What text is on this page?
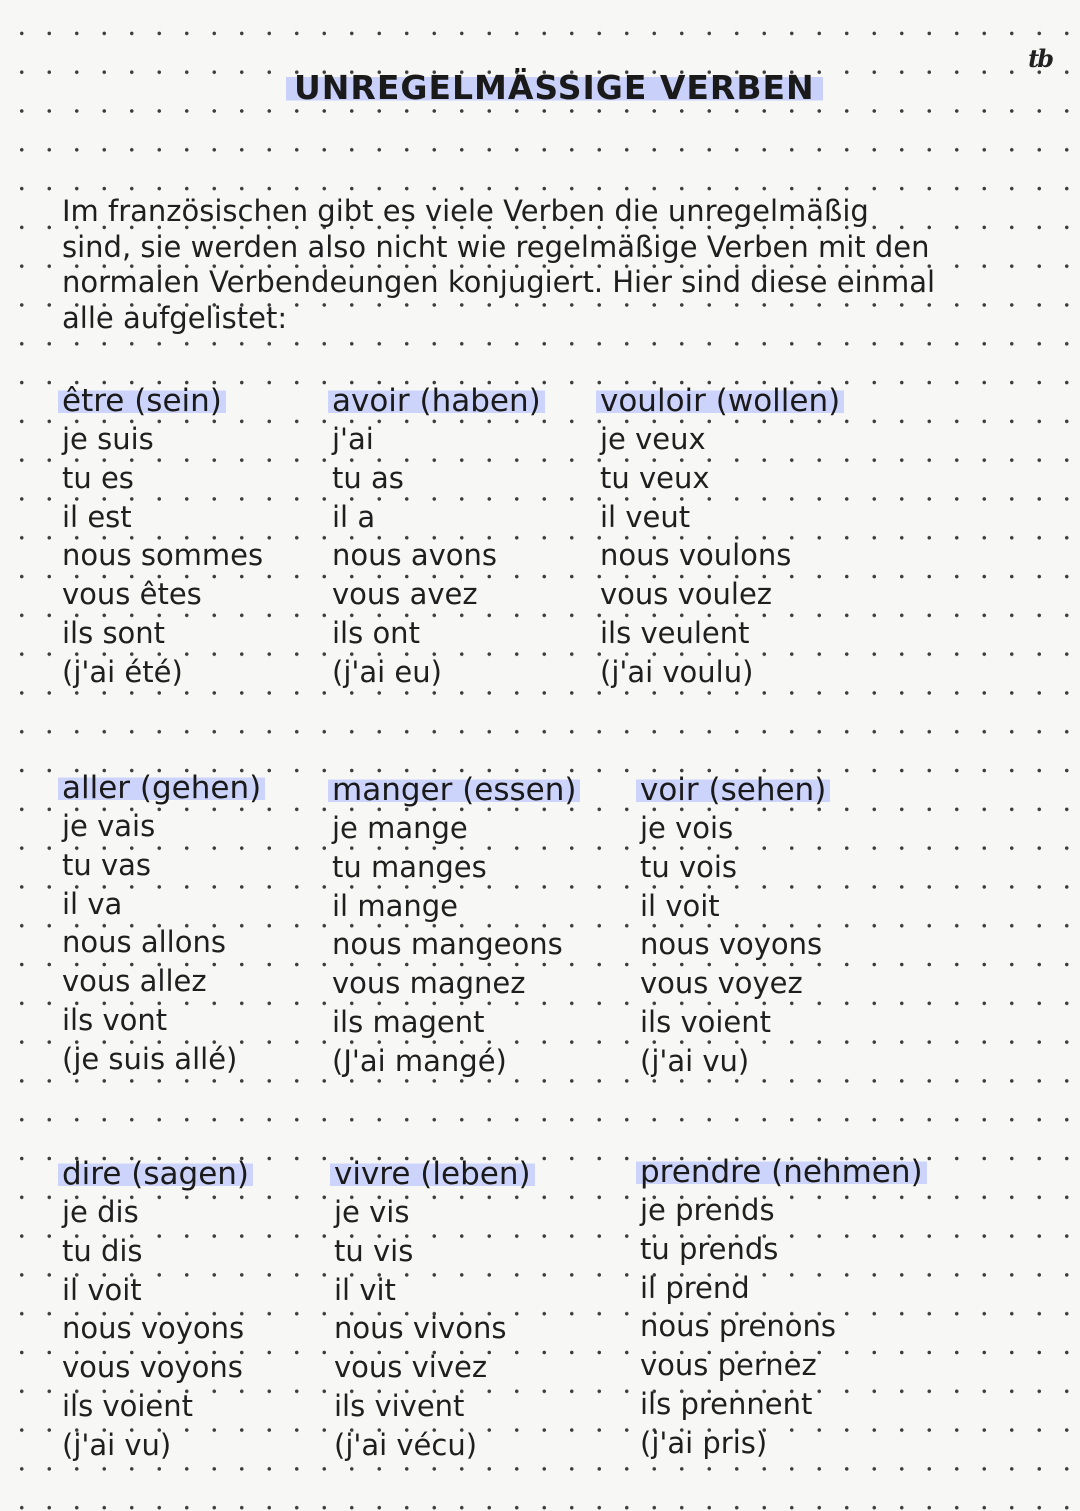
tb
UNREGELMÄSSIGE VERBEN
Im französischen gibt es viele Verben die unregelmäßig
sind, sie werden also nicht wie regelmäßige Verben mit den
normalen Verbendeungen konjugiert. Hier sind diese einmal
alle aufgelistet:
être (sein)
je suis
tu es
il est
nous sommes
vous êtes
ils sont
(j'ai été)
avoir (haben)
j'ai
tu as
il a
nous avons
vous avez
ils ont
(j'ai eu)
vouloir (wollen)
je veux
tu veux
il veut
nous voulons
vous voulez
ils veulent
(j'ai voulu)
aller (gehen)
je vais
tu vas
il va
nous allons
vous allez
ils vont
(je suis allé)
manger (essen)
je mange
tu manges
il mange
nous mangeons
vous magnez
ils magent
(J'ai mangé)
voir (sehen)
je vois
tu vois
il voit
nous voyons
vous voyez
ils voient
(j'ai vu)
dire (sagen)
je dis
tu dis
il voit
nous voyons
vous voyons
ils voient
(j'ai vu)
vivre (leben)
je vis
tu vis
il vit
nous vivons
vous vivez
ils vivent
(j'ai vécu)
prendre (nehmen)
je prends
tu prends
il prend
nous prenons
vous pernez
ils prennent
(j'ai pris)
